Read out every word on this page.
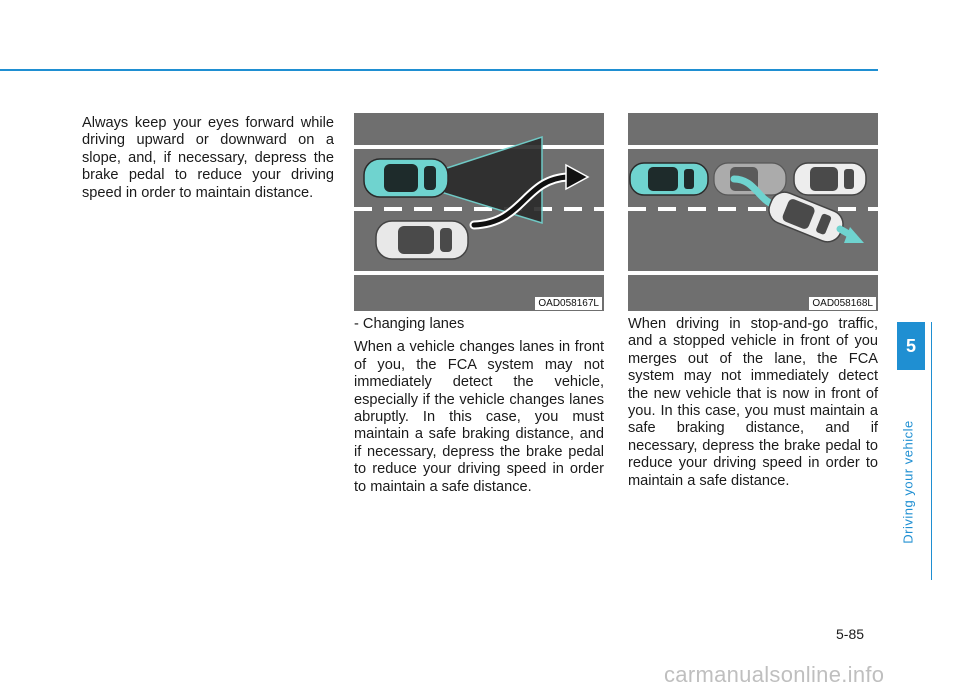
Always keep your eyes forward while driving upward or downward on a slope, and, if necessary, depress the brake pedal to reduce your driving speed in order to maintain distance.

OAD058167L	OAD058168L

- Changing lanes

When a vehicle changes lanes in front of you, the FCA system may not immediately detect the vehicle, especially if the vehicle changes lanes abruptly. In this case, you must maintain a safe braking distance, and if necessary, depress the brake pedal to reduce your driving speed in order to maintain a safe distance.

When driving in stop-and-go traffic, and a stopped vehicle in front of you merges out of the lane, the FCA system may not immediately detect the new vehicle that is now in front of you. In this case, you must maintain a safe braking distance, and if necessary, depress the brake pedal to reduce your driving speed in order to maintain a safe distance.

5
Driving your vehicle
5-85
carmanualsonline.info
